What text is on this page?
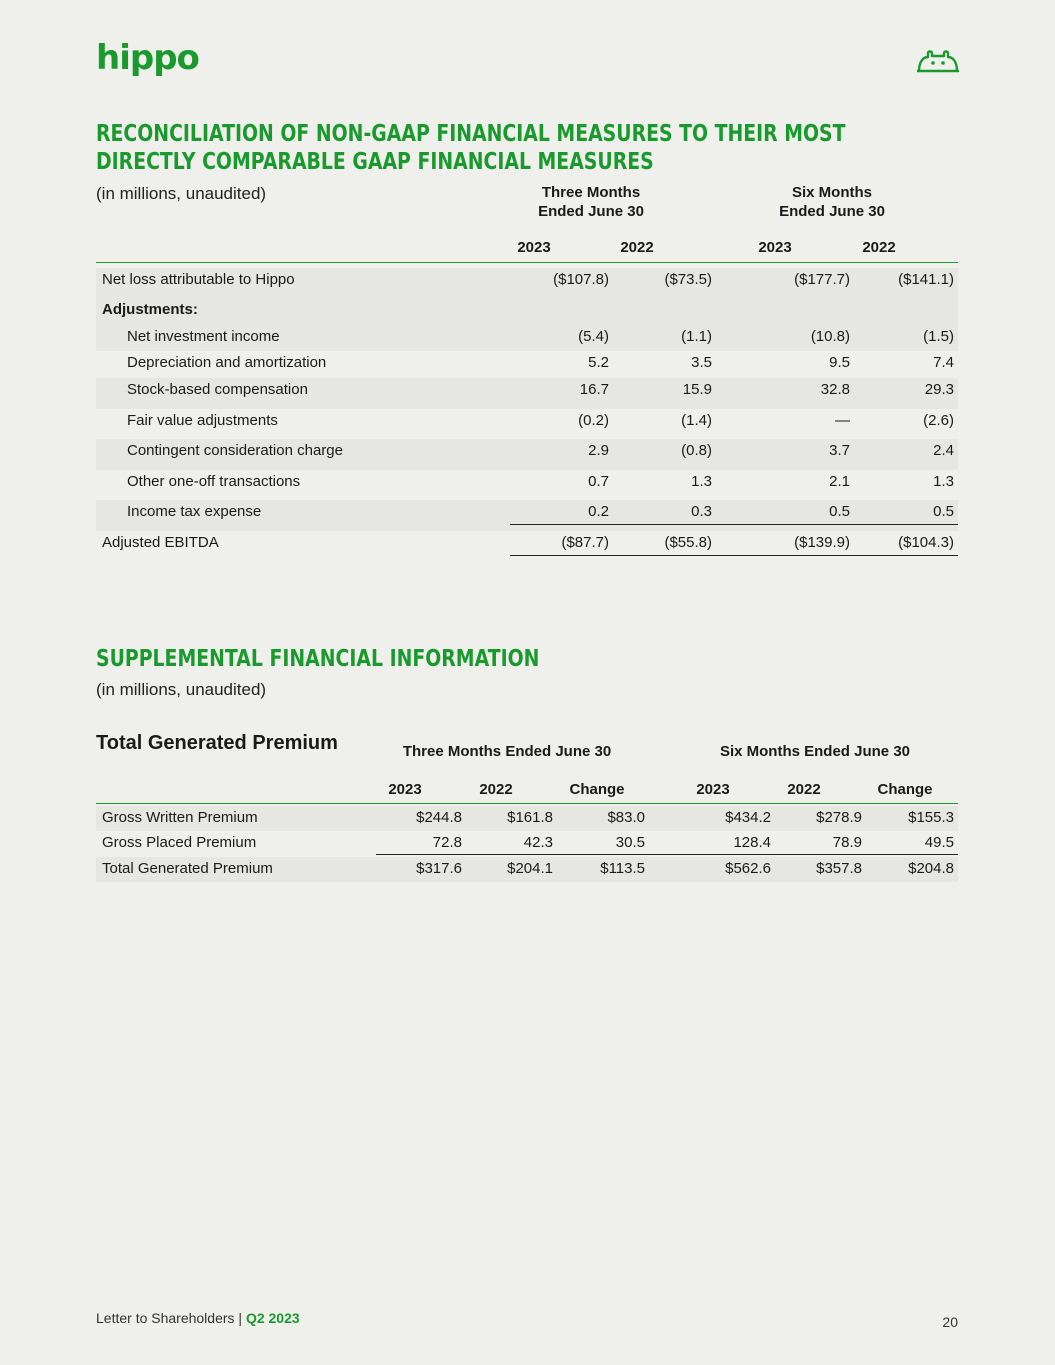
hippo
RECONCILIATION OF NON-GAAP FINANCIAL MEASURES TO THEIR MOST DIRECTLY COMPARABLE GAAP FINANCIAL MEASURES
(in millions, unaudited)	Three Months
Ended June 30
Six Months
Ended June 30
2023	2022	2023	2022
Net loss attributable to Hippo	($107.8)	($73.5)	($177.7)	($141.1)
Adjustments:
Net investment income	(5.4)	(1.1)	(10.8)	(1.5)
Depreciation and amortization	5.2	3.5	9.5	7.4
Stock-based compensation	16.7	15.9	32.8	29.3
Fair value adjustments	(0.2)	(1.4)	—	(2.6)
Contingent consideration charge	2.9	(0.8)	3.7	2.4
Other one-off transactions	0.7	1.3	2.1	1.3
Income tax expense	0.2	0.3	0.5	0.5
Adjusted EBITDA	($87.7)	($55.8)	($139.9)	($104.3)
SUPPLEMENTAL FINANCIAL INFORMATION
(in millions, unaudited)
Total Generated Premium	Three Months Ended June 30	Six Months Ended June 30
2023	2022	Change	2023	2022	Change
Gross Written Premium	$244.8	$161.8	$83.0	$434.2	$278.9	$155.3
Gross Placed Premium	72.8	42.3	30.5	128.4	78.9	49.5
Total Generated Premium	$317.6	$204.1	$113.5	$562.6	$357.8	$204.8
Letter to Shareholders | Q2 2023	20
